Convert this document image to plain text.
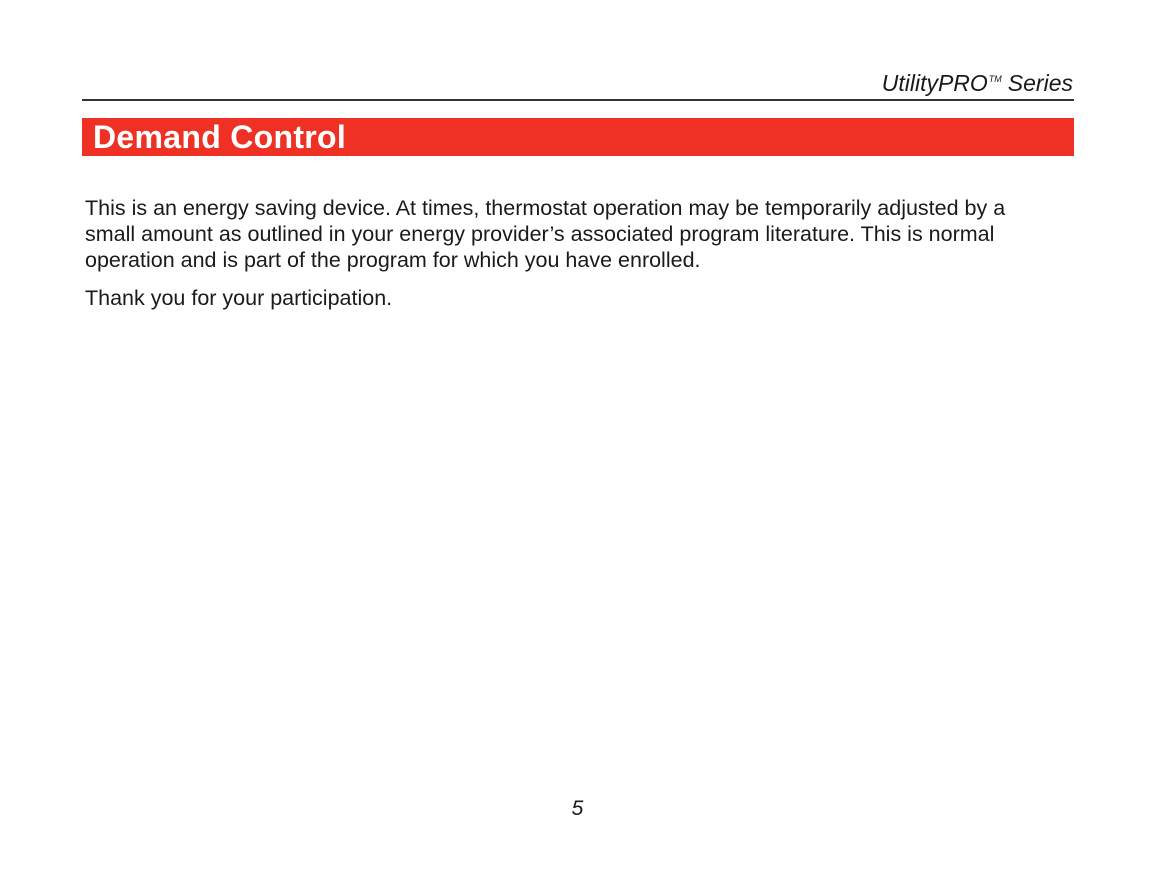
UtilityPRO™ Series
Demand Control

This is an energy saving device. At times, thermostat operation may be temporarily adjusted by a small amount as outlined in your energy provider’s associated program literature. This is normal operation and is part of the program for which you have enrolled.

Thank you for your participation.

5
